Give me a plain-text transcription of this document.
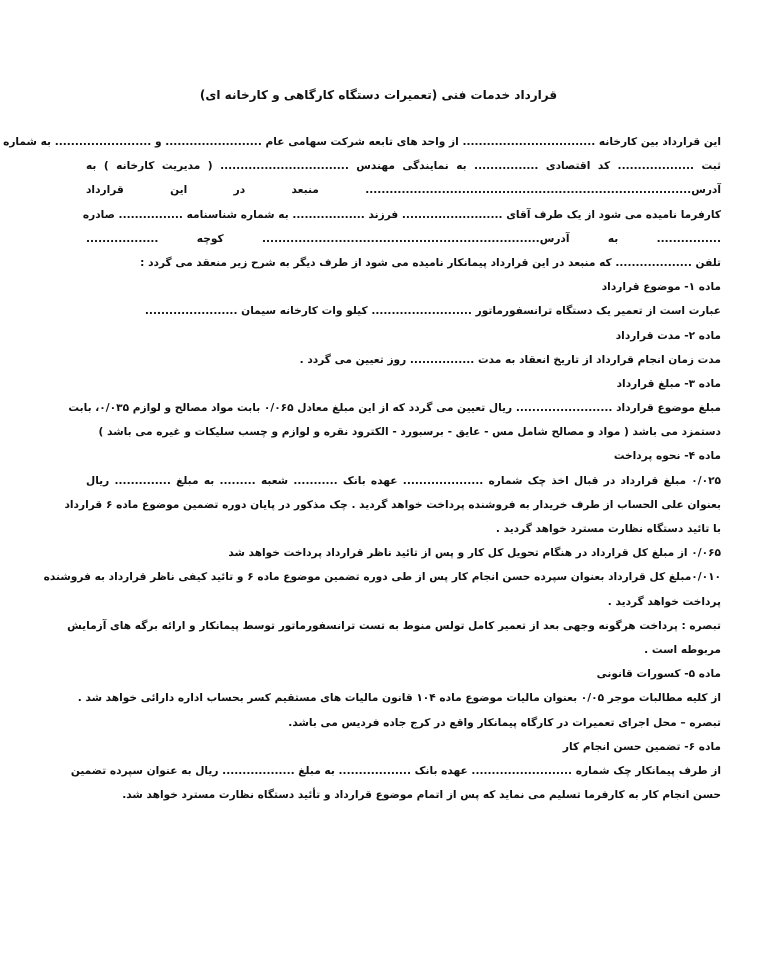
قرارداد خدمات فنی (تعمیرات دستگاه کارگاهی و کارخانه ای)
این قرارداد بین کارخانه ................................. از واحد های تابعه شرکت سهامی عام ........................ و ........................ به شماره
ثبت ................... کد اقتصادی ................ به نمایندگی مهندس ................................ ( مدیریت کارخانه ) به
آدرس................................................................................. منبعد در این قرارداد
کارفرما نامیده می شود از یک طرف آقای ......................... فرزند .................. به شماره شناسنامه ................ صادره
................ به آدرس..................................................................... کوچه ..................
تلفن ................... که منبعد در این قرارداد پیمانکار نامیده می شود از طرف دیگر به شرح زیر منعقد می گردد :
ماده ۱- موضوع قرارداد
عبارت است از تعمیر یک دستگاه ترانسفورماتور ......................... کیلو وات کارخانه سیمان .......................
ماده ۲- مدت قرارداد
مدت زمان انجام قرارداد از تاریخ انعقاد به مدت ................ روز تعیین می گردد .
ماده ۳- مبلغ قرارداد
مبلغ موضوع قرارداد ........................ ریال تعیین می گردد که از این مبلغ معادل ۰/۰۶۵ بابت مواد مصالح و لوازم ۰/۰۳۵، بابت
دستمزد می باشد ( مواد و مصالح شامل مس - عایق - برسبورد - الکترود نقره و لوازم و چسب سلیکات و غیره می باشد )
ماده ۴- نحوه پرداخت
۰/۰۲۵ مبلغ قرارداد در قبال اخذ چک شماره .................... عهده بانک ........... شعبه ......... به مبلغ .............. ریال
بعنوان علی الحساب از طرف خریدار به فروشنده پرداخت خواهد گردید . چک مذکور در پایان دوره تضمین موضوع ماده ۶ قرارداد
با تائید دستگاه نظارت مسترد خواهد گردید .
۰/۰۶۵ از مبلغ کل قرارداد در هنگام تحویل کل کار و پس از تائید ناظر قرارداد پرداخت خواهد شد
۰/۰۱۰مبلغ کل قرارداد بعنوان سپرده حسن انجام کار پس از طی دوره تضمین موضوع ماده ۶ و تائید کیفی ناظر قرارداد به فروشنده
پرداخت خواهد گردید .
تبصره : پرداخت هرگونه وجهی بعد از تعمیر کامل تولس منوط به تست ترانسفورماتور توسط پیمانکار و ارائه برگه های آزمایش
مربوطه است .
ماده ۵- کسورات قانونی
از کلیه مطالبات موجر ۰/۰۵ بعنوان مالیات موضوع ماده ۱۰۴ قانون مالیات های مستقیم کسر بحساب اداره دارائی خواهد شد .
تبصره – محل اجرای تعمیرات در کارگاه پیمانکار واقع در کرج جاده فردیس می باشد.
ماده ۶- تضمین حسن انجام کار
از طرف پیمانکار چک شماره ......................... عهده بانک .................. به مبلغ .................. ریال به عنوان سپرده تضمین
حسن انجام کار به کارفرما تسلیم می نماید که پس از اتمام موضوع قرارداد و تأئید دستگاه نظارت مسترد خواهد شد.
